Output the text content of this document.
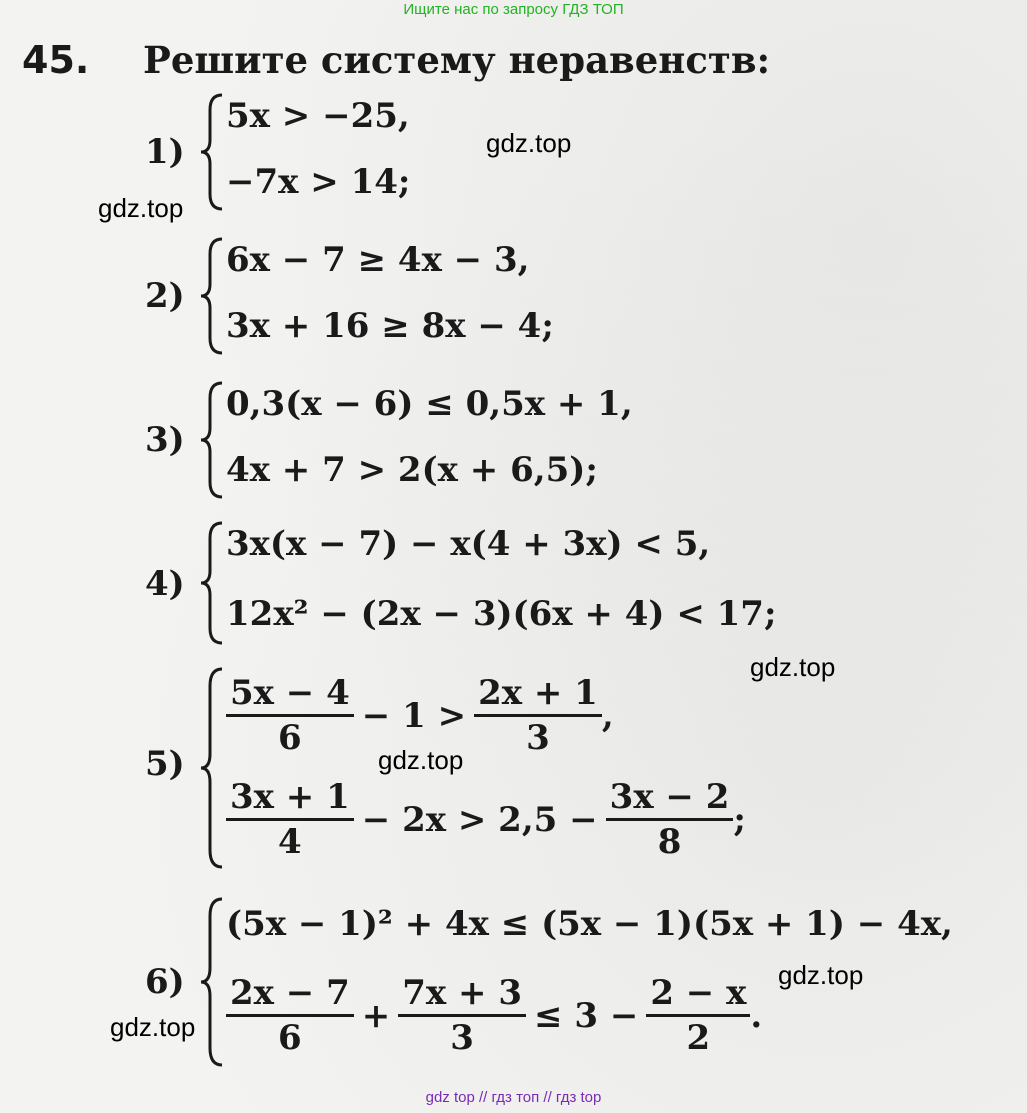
Ищите нас по запросу ГДЗ ТОП
45. Решите систему неравенств:
1)
5x > −25,
−7x > 14;
2)
6x − 7 ≥ 4x − 3,
3x + 16 ≥ 8x − 4;
3)
0,3(x − 6) ≤ 0,5x + 1,
4x + 7 > 2(x + 6,5);
4)
3x(x − 7) − x(4 + 3x) < 5,
12x² − (2x − 3)(6x + 4) < 17;
5)
$\frac{5x - 4}{6} - 1 > \frac{2x + 1}{3}$ ,
$\frac{3x + 1}{4} - 2x > 2,5 - \frac{3x - 2}{8}$ ;
6)
(5x − 1)² + 4x ≤ (5x − 1)(5x + 1) − 4x,
$\frac{2x - 7}{6} + \frac{7x + 3}{3} \le 3 - \frac{2 - x}{2}$ .
gdz.top
gdz.top
gdz.top
gdz.top
gdz.top
gdz.top
gdz top // гдз топ // гдз top
